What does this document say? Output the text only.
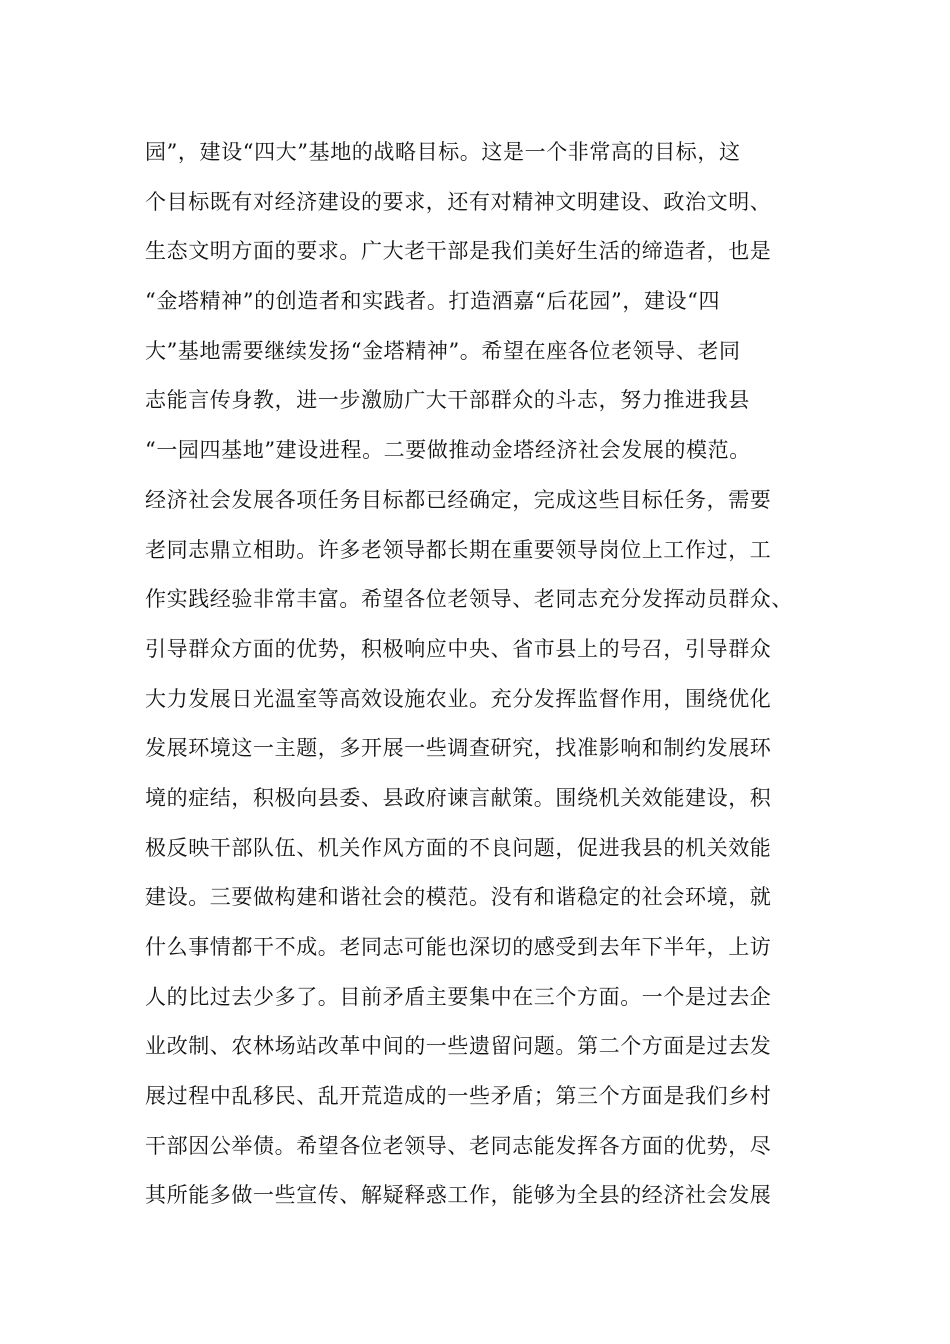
园”，建设“四大”基地的战略目标。这是一个非常高的目标，这
个目标既有对经济建设的要求，还有对精神文明建设、政治文明、
生态文明方面的要求。广大老干部是我们美好生活的缔造者，也是
“金塔精神”的创造者和实践者。打造酒嘉“后花园”，建设“四
大”基地需要继续发扬“金塔精神”。希望在座各位老领导、老同
志能言传身教，进一步激励广大干部群众的斗志，努力推进我县
“一园四基地”建设进程。二要做推动金塔经济社会发展的模范。
经济社会发展各项任务目标都已经确定，完成这些目标任务，需要
老同志鼎立相助。许多老领导都长期在重要领导岗位上工作过，工
作实践经验非常丰富。希望各位老领导、老同志充分发挥动员群众、
引导群众方面的优势，积极响应中央、省市县上的号召，引导群众
大力发展日光温室等高效设施农业。充分发挥监督作用，围绕优化
发展环境这一主题，多开展一些调查研究，找准影响和制约发展环
境的症结，积极向县委、县政府谏言献策。围绕机关效能建设，积
极反映干部队伍、机关作风方面的不良问题，促进我县的机关效能
建设。三要做构建和谐社会的模范。没有和谐稳定的社会环境，就
什么事情都干不成。老同志可能也深切的感受到去年下半年，上访
人的比过去少多了。目前矛盾主要集中在三个方面。一个是过去企
业改制、农林场站改革中间的一些遗留问题。第二个方面是过去发
展过程中乱移民、乱开荒造成的一些矛盾；第三个方面是我们乡村
干部因公举债。希望各位老领导、老同志能发挥各方面的优势，尽
其所能多做一些宣传、解疑释惑工作，能够为全县的经济社会发展
